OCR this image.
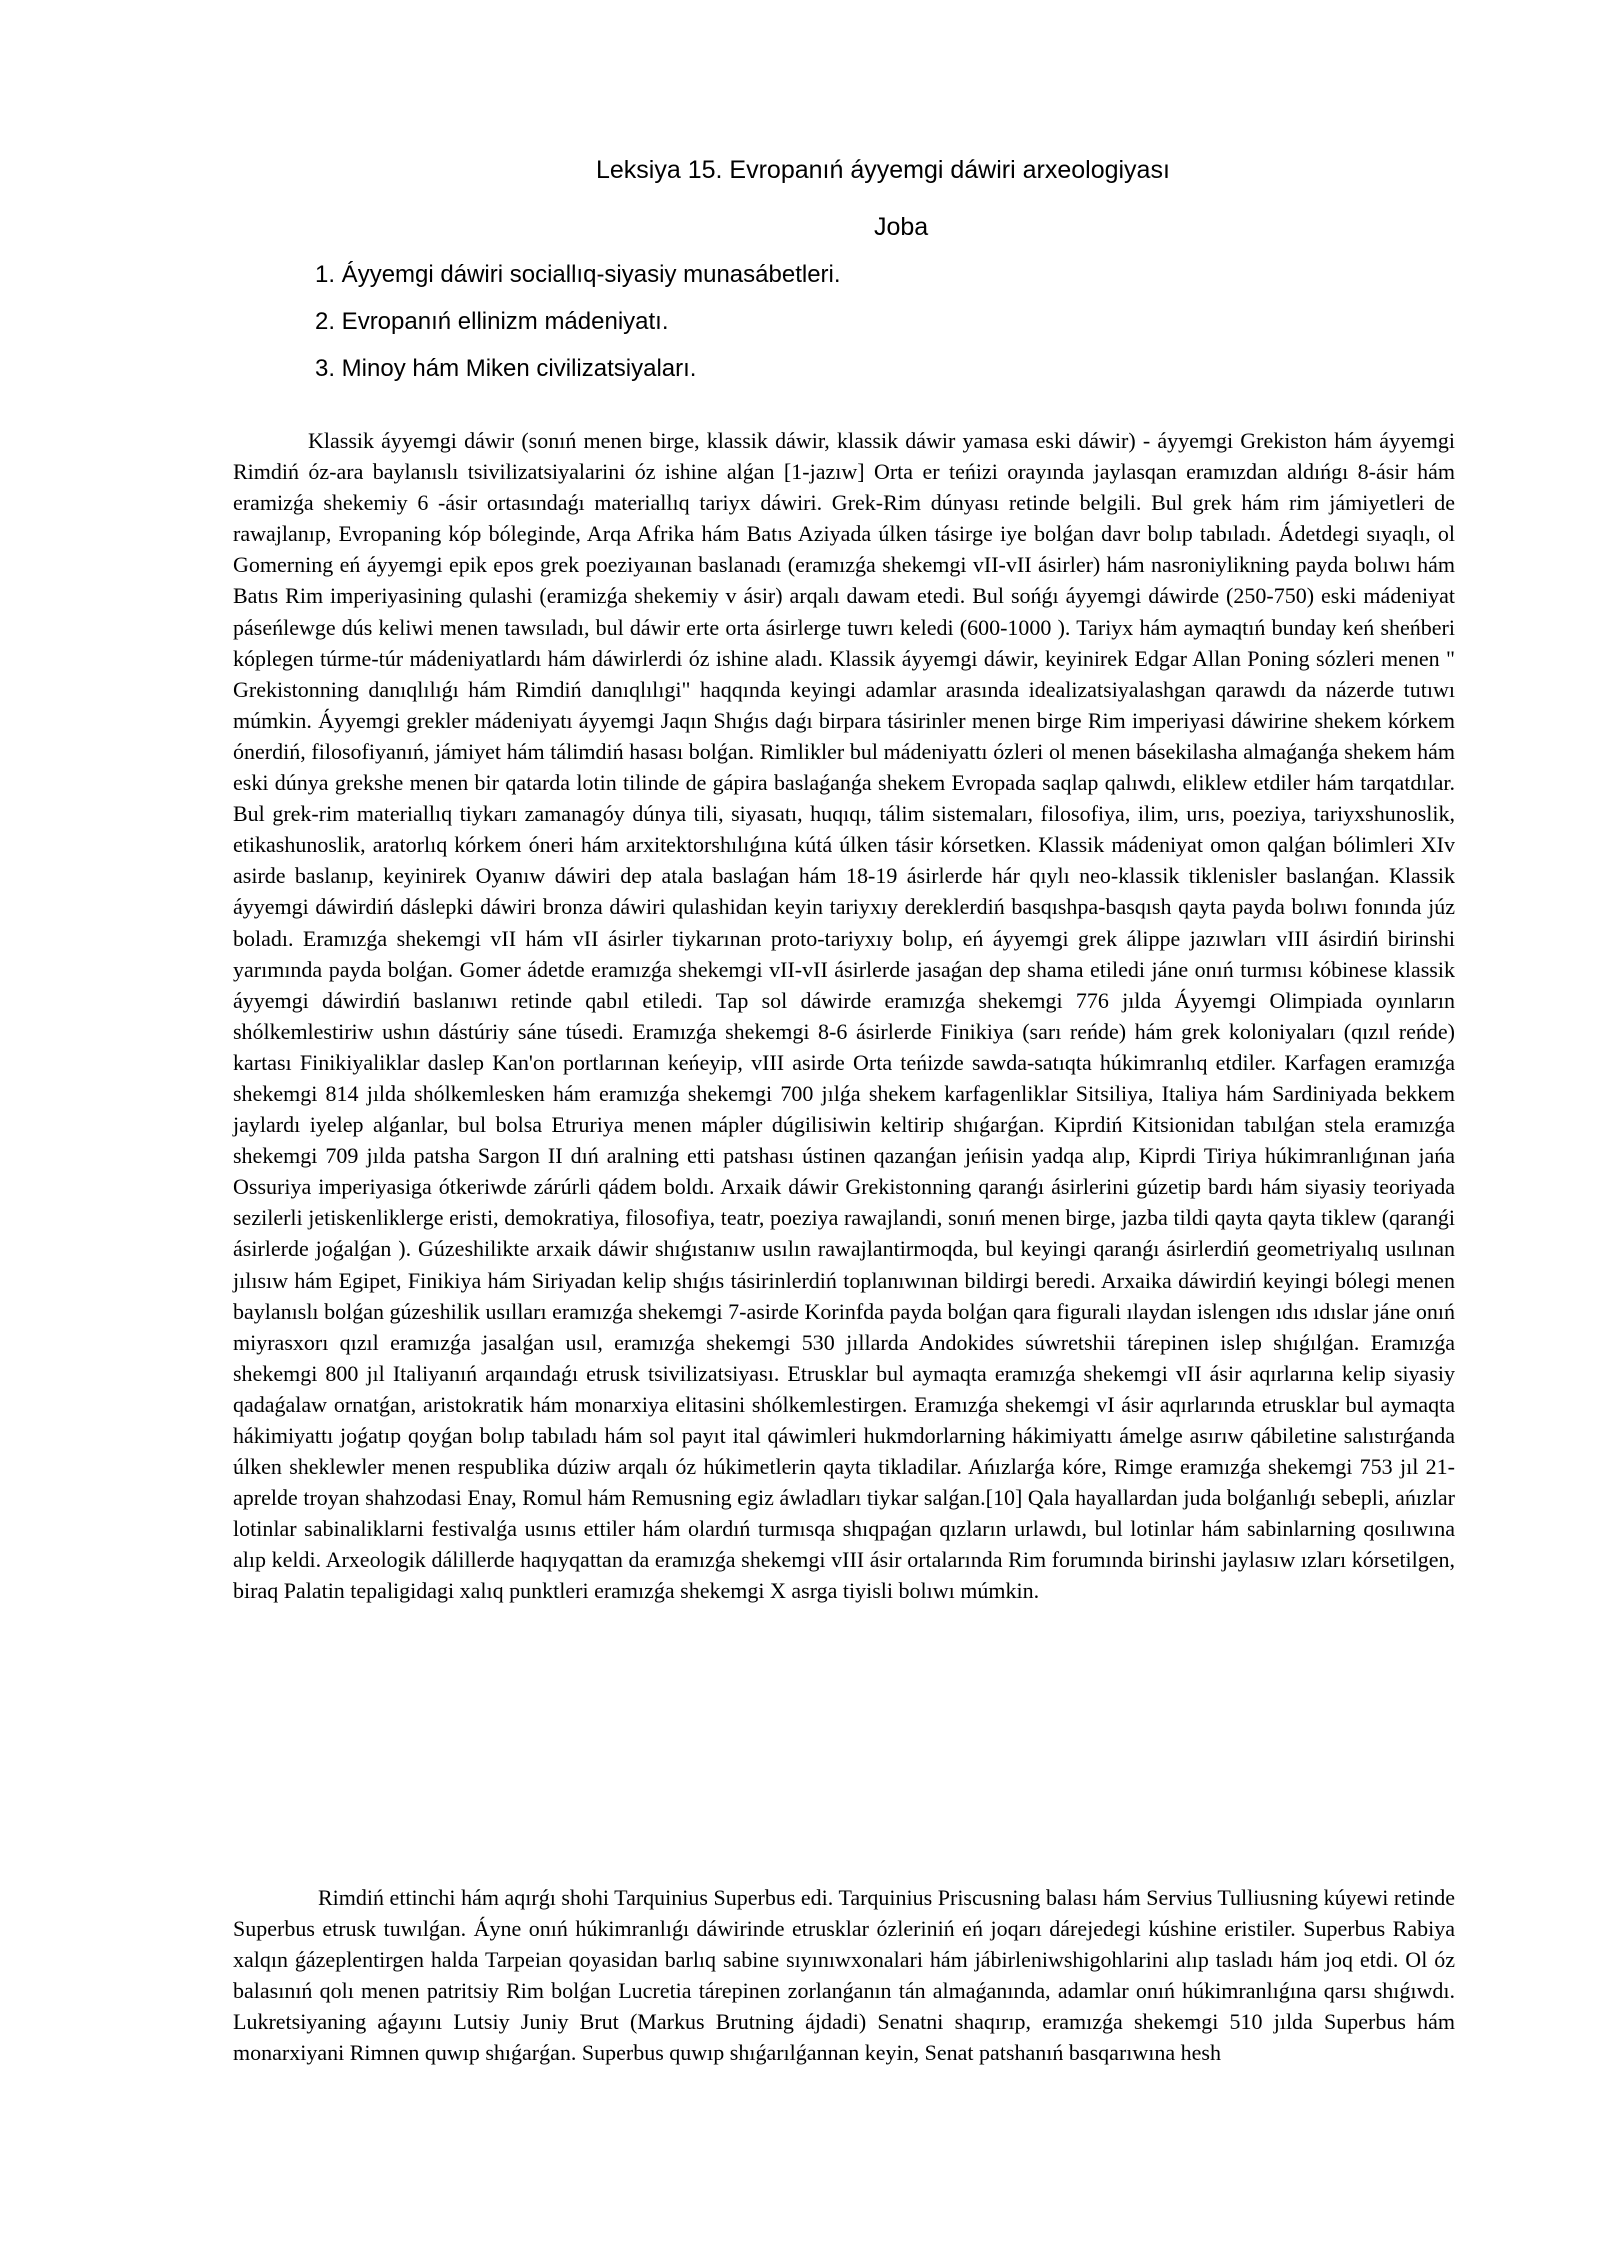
Leksiya 15. Evropanıń áyyemgi dáwiri arxeologiyası
Joba
1. Áyyemgi dáwiri sociallıq-siyasiy munasábetleri.
2. Evropanıń ellinizm mádeniyatı.
3. Minoy hám Miken civilizatsiyaları.

Klassik áyyemgi dáwir (sonıń menen birge, klassik dáwir, klassik dáwir yamasa eski dáwir) - áyyemgi Grekiston hám áyyemgi Rimdiń óz-ara baylanıslı tsivilizatsiyalarini óz ishine alǵan [1-jazıw] Orta er teńizi orayında jaylasqan eramızdan aldıńgı 8-ásir hám eramizǵa shekemiy 6 -ásir ortasındaǵı materiallıq tariyx dáwiri. Grek-Rim dúnyası retinde belgili. Bul grek hám rim jámiyetleri de rawajlanıp, Evropaning kóp bóleginde, Arqa Afrika hám Batıs Aziyada úlken tásirge iye bolǵan davr bolıp tabıladı. Ádetdegi sıyaqlı, ol Gomerning eń áyyemgi epik epos grek poeziyaınan baslanadı (eramızǵa shekemgi vII-vII ásirler) hám nasroniylikning payda bolıwı hám Batıs Rim imperiyasining qulashi (eramizǵa shekemiy v ásir) arqalı dawam etedi. Bul sońǵı áyyemgi dáwirde (250-750) eski mádeniyat páseńlewge dús keliwi menen tawsıladı, bul dáwir erte orta ásirlerge tuwrı keledi (600-1000 ). Tariyx hám aymaqtıń bunday keń sheńberi kóplegen túrme-túr mádeniyatlardı hám dáwirlerdi óz ishine aladı. Klassik áyyemgi dáwir, keyinirek Edgar Allan Poning sózleri menen " Grekistonning danıqlılıǵı hám Rimdiń danıqlılıgi" haqqında keyingi adamlar arasında idealizatsiyalashgan qarawdı da názerde tutıwı múmkin. Áyyemgi grekler mádeniyatı áyyemgi Jaqın Shıǵıs daǵı birpara tásirinler menen birge Rim imperiyasi dáwirine shekem kórkem ónerdiń, filosofiyanıń, jámiyet hám tálimdiń hasası bolǵan. Rimlikler bul mádeniyattı ózleri ol menen básekilasha almaǵanǵa shekem hám eski dúnya grekshe menen bir qatarda lotin tilinde de gápira baslaǵanǵa shekem Evropada saqlap qalıwdı, eliklew etdiler hám tarqatdılar. Bul grek-rim materiallıq tiykarı zamanagóy dúnya tili, siyasatı, huqıqı, tálim sistemaları, filosofiya, ilim, urıs, poeziya, tariyxshunoslik, etikashunoslik, aratorlıq kórkem óneri hám arxitektorshılıǵına kútá úlken tásir kórsetken. Klassik mádeniyat omon qalǵan bólimleri XIv asirde baslanıp, keyinirek Oyanıw dáwiri dep atala baslaǵan hám 18-19 ásirlerde hár qıylı neo-klassik tiklenisler baslanǵan. Klassik áyyemgi dáwirdiń dáslepki dáwiri bronza dáwiri qulashidan keyin tariyxıy dereklerdiń basqıshpa-basqısh qayta payda bolıwı fonında júz boladı. Eramızǵa shekemgi vII hám vII ásirler tiykarınan proto-tariyxıy bolıp, eń áyyemgi grek álippe jazıwları vIII ásirdiń birinshi yarımında payda bolǵan. Gomer ádetde eramızǵa shekemgi vII-vII ásirlerde jasaǵan dep shama etiledi jáne onıń turmısı kóbinese klassik áyyemgi dáwirdiń baslanıwı retinde qabıl etiledi. Tap sol dáwirde eramızǵa shekemgi 776 jılda Áyyemgi Olimpiada oyınların shólkemlestiriw ushın dástúriy sáne túsedi. Eramızǵa shekemgi 8-6 ásirlerde Finikiya (sarı reńde) hám grek koloniyaları (qızıl reńde) kartası Finikiyaliklar daslep Kan'on portlarınan keńeyip, vIII asirde Orta teńizde sawda-satıqta húkimranlıq etdiler. Karfagen eramızǵa shekemgi 814 jılda shólkemlesken hám eramızǵa shekemgi 700 jılǵa shekem karfagenliklar Sitsiliya, Italiya hám Sardiniyada bekkem jaylardı iyelep alǵanlar, bul bolsa Etruriya menen mápler dúgilisiwin keltirip shıǵarǵan. Kiprdiń Kitsionidan tabılǵan stela eramızǵa shekemgi 709 jılda patsha Sargon II dıń aralning etti patshası ústinen qazanǵan jeńisin yadqa alıp, Kiprdi Tiriya húkimranlıǵınan jańa Ossuriya imperiyasiga ótkeriwde zárúrli qádem boldı. Arxaik dáwir Grekistonning qaranǵı ásirlerini gúzetip bardı hám siyasiy teoriyada sezilerli jetiskenliklerge eristi, demokratiya, filosofiya, teatr, poeziya rawajlandi, sonıń menen birge, jazba tildi qayta qayta tiklew (qaranǵi ásirlerde joǵalǵan ). Gúzeshilikte arxaik dáwir shıǵıstanıw usılın rawajlantirmoqda, bul keyingi qaranǵı ásirlerdiń geometriyalıq usılınan jılısıw hám Egipet, Finikiya hám Siriyadan kelip shıǵıs tásirinlerdiń toplanıwınan bildirgi beredi. Arxaika dáwirdiń keyingi bólegi menen baylanıslı bolǵan gúzeshilik usılları eramızǵa shekemgi 7-asirde Korinfda payda bolǵan qara figurali ılaydan islengen ıdıs ıdıslar jáne onıń miyrasxorı qızıl eramızǵa jasalǵan usıl, eramızǵa shekemgi 530 jıllarda Andokides súwretshii tárepinen islep shıǵılǵan. Eramızǵa shekemgi 800 jıl Italiyanıń arqaındaǵı etrusk tsivilizatsiyası. Etrusklar bul aymaqta eramızǵa shekemgi vII ásir aqırlarına kelip siyasiy qadaǵalaw ornatǵan, aristokratik hám monarxiya elitasini shólkemlestirgen. Eramızǵa shekemgi vI ásir aqırlarında etrusklar bul aymaqta hákimiyattı joǵatıp qoyǵan bolıp tabıladı hám sol payıt ital qáwimleri hukmdorlarning hákimiyattı ámelge asırıw qábiletine salıstırǵanda úlken sheklewler menen respublika dúziw arqalı óz húkimetlerin qayta tikladilar. Ańızlarǵa kóre, Rimge eramızǵa shekemgi 753 jıl 21-aprelde troyan shahzodasi Enay, Romul hám Remusning egiz áwladları tiykar salǵan.[10] Qala hayallardan juda bolǵanlıǵı sebepli, ańızlar lotinlar sabinaliklarni festivalǵa usınıs ettiler hám olardıń turmısqa shıqpaǵan qızların urlawdı, bul lotinlar hám sabinlarning qosılıwına alıp keldi. Arxeologik dálillerde haqıyqattan da eramızǵa shekemgi vIII ásir ortalarında Rim forumında birinshi jaylasıw ızları kórsetilgen, biraq Palatin tepaligidagi xalıq punktleri eramızǵa shekemgi X asrga tiyisli bolıwı múmkin.

Rimdiń ettinchi hám aqırǵı shohi Tarquinius Superbus edi. Tarquinius Priscusning balası hám Servius Tulliusning kúyewi retinde Superbus etrusk tuwılǵan. Áyne onıń húkimranlıǵı dáwirinde etrusklar ózleriniń eń joqarı dárejedegi kúshine eristiler. Superbus Rabiya xalqın ǵázeplentirgen halda Tarpeian qoyasidan barlıq sabine sıyınıwxonalari hám jábirleniwshigohlarini alıp tasladı hám joq etdi. Ol óz balasınıń qolı menen patritsiy Rim bolǵan Lucretia tárepinen zorlanǵanın tán almaǵanında, adamlar onıń húkimranlıǵına qarsı shıǵıwdı. Lukretsiyaning aǵayını Lutsiy Juniy Brut (Markus Brutning ájdadi) Senatni shaqırıp, eramızǵa shekemgi 510 jılda Superbus hám monarxiyani Rimnen quwıp shıǵarǵan. Superbus quwıp shıǵarılǵannan keyin, Senat patshanıń basqarıwına hesh
